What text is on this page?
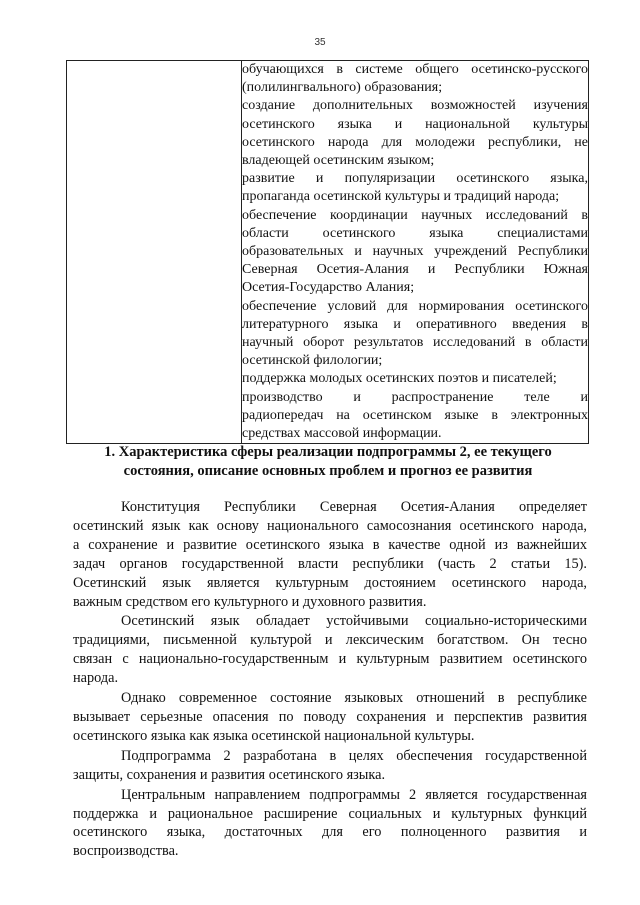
35

обучающихся в системе общего осетинско-русского
(полилингвального) образования;
создание дополнительных возможностей изучения
осетинского языка и национальной культуры
осетинского народа для молодежи республики, не
владеющей осетинским языком;
развитие и популяризации осетинского языка,
пропаганда осетинской культуры и традиций народа;
обеспечение координации научных исследований в
области осетинского языка специалистами
образовательных и научных учреждений Республики
Северная Осетия-Алания и Республики Южная
Осетия-Государство Алания;
обеспечение условий для нормирования осетинского
литературного языка и оперативного введения в
научный оборот результатов исследований в области
осетинской филологии;
поддержка молодых осетинских поэтов и писателей;
производство и распространение теле и
радиопередач на осетинском языке в электронных
средствах массовой информации.
1. Характеристика сферы реализации подпрограммы 2, ее текущего
состояния, описание основных проблем и прогноз ее развития
Конституция Республики Северная Осетия-Алания определяет
осетинский язык как основу национального самосознания осетинского народа,
а сохранение и развитие осетинского языка в качестве одной из важнейших
задач органов государственной власти республики (часть 2 статьи 15).
Осетинский язык является культурным достоянием осетинского народа,
важным средством его культурного и духовного развития.
Осетинский язык обладает устойчивыми социально-историческими
традициями, письменной культурой и лексическим богатством. Он тесно
связан с национально-государственным и культурным развитием осетинского
народа.
Однако современное состояние языковых отношений в республике
вызывает серьезные опасения по поводу сохранения и перспектив развития
осетинского языка как языка осетинской национальной культуры.
Подпрограмма 2 разработана в целях обеспечения государственной
защиты, сохранения и развития осетинского языка.
Центральным направлением подпрограммы 2 является государственная
поддержка и рациональное расширение социальных и культурных функций
осетинского языка, достаточных для его полноценного развития и
воспроизводства.
